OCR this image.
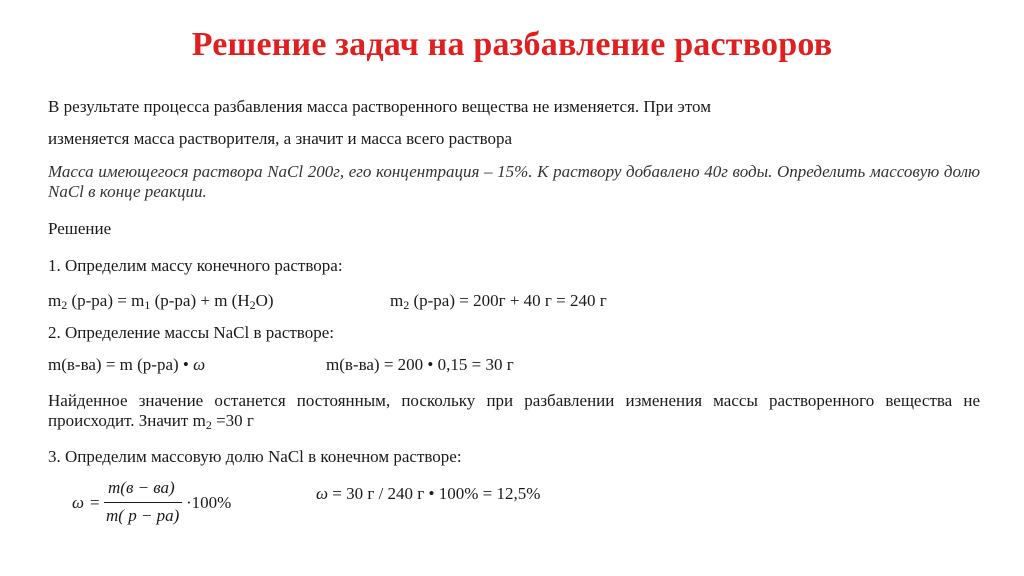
Решение задач на разбавление растворов
В результате процесса разбавления масса растворенного вещества не изменяется. При этом
изменяется масса растворителя, а значит и масса всего раствора
Масса имеющегося раствора NaCl 200г, его концентрация – 15%. К раствору добавлено 40г воды. Определить массовую долю NaCl в конце реакции.
Решение
1. Определим массу конечного раствора:
$m_2$ $(р-ра) = m_1$ (р-ра) + m $(H_2O)$	$m_2$ (р-ра) = 200г + 40 г = 240 г
2. Определение массы NaCl в растворе:
m(в-ва) = m (р-ра) • ω	m(в-ва) = 200 • 0,15 = 30 г
Найденное значение останется постоянным, поскольку при разбавлении изменения массы растворенного вещества не происходит. Значит $m_2 =30$ г
3. Определим массовую долю NaCl в конечном растворе:
ω =
m(в − ва)
m( р − ра)
·100%	ω = 30 г / 240 г • 100% = 12,5%
